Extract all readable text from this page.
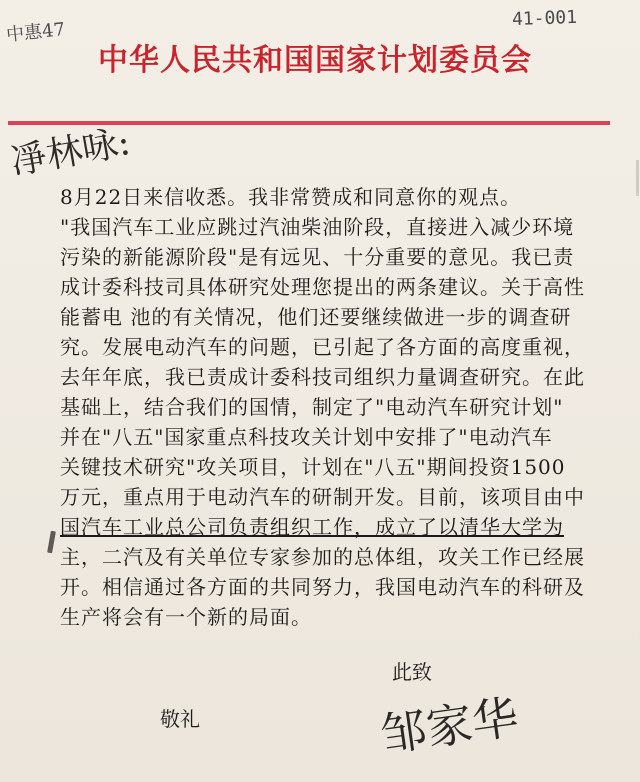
41-001
中惠47
中华人民共和国国家计划委员会
凈林咏:

8月22日来信收悉。我非常赞成和同意你的观点。

"我国汽车工业应跳过汽油柴油阶段，直接进入减少环境

污染的新能源阶段"是有远见、十分重要的意见。我已责

成计委科技司具体研究处理您提出的两条建议。关于高性

能蓄电 池的有关情况，他们还要继续做进一步的调查研

究。发展电动汽车的问题，已引起了各方面的高度重视，

去年年底，我已责成计委科技司组织力量调查研究。在此

基础上，结合我们的国情，制定了"电动汽车研究计划"

并在"八五"国家重点科技攻关计划中安排了"电动汽车

关键技术研究"攻关项目，计划在"八五"期间投资1500

万元，重点用于电动汽车的研制开发。目前，该项目由中

国汽车工业总公司负责组织工作，成立了以清华大学为

主，二汽及有关单位专家参加的总体组，攻关工作已经展

开。相信通过各方面的共同努力，我国电动汽车的科研及

生产将会有一个新的局面。

此致
敬礼	邹家华
